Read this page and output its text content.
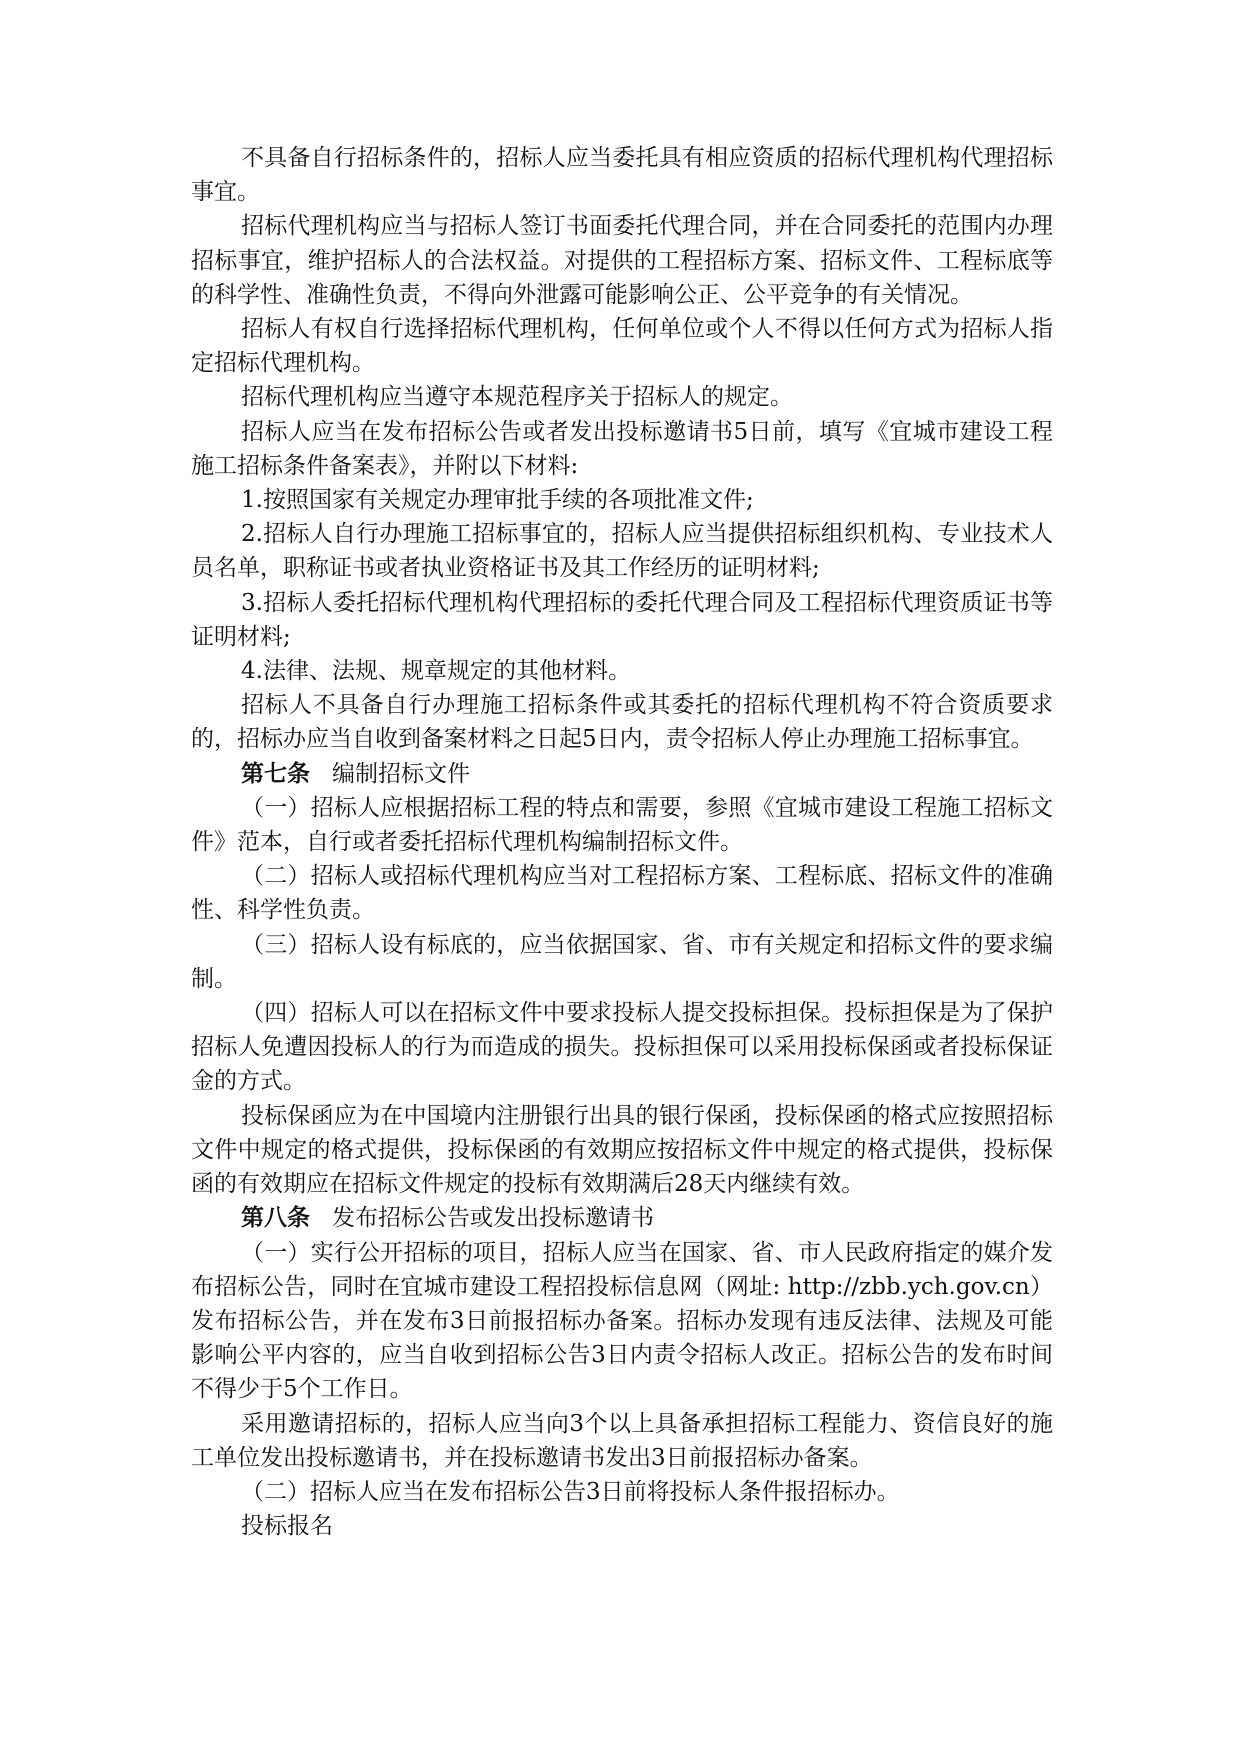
不具备自行招标条件的，招标人应当委托具有相应资质的招标代理机构代理招标事宜。

招标代理机构应当与招标人签订书面委托代理合同，并在合同委托的范围内办理招标事宜，维护招标人的合法权益。对提供的工程招标方案、招标文件、工程标底等的科学性、准确性负责，不得向外泄露可能影响公正、公平竞争的有关情况。

招标人有权自行选择招标代理机构，任何单位或个人不得以任何方式为招标人指定招标代理机构。

招标代理机构应当遵守本规范程序关于招标人的规定。

招标人应当在发布招标公告或者发出投标邀请书5日前，填写《宜城市建设工程施工招标条件备案表》，并附以下材料:

1.按照国家有关规定办理审批手续的各项批准文件;

2.招标人自行办理施工招标事宜的，招标人应当提供招标组织机构、专业技术人员名单，职称证书或者执业资格证书及其工作经历的证明材料;

3.招标人委托招标代理机构代理招标的委托代理合同及工程招标代理资质证书等证明材料;

4.法律、法规、规章规定的其他材料。

招标人不具备自行办理施工招标条件或其委托的招标代理机构不符合资质要求的，招标办应当自收到备案材料之日起5日内，责令招标人停止办理施工招标事宜。

第七条 编制招标文件

（一）招标人应根据招标工程的特点和需要，参照《宜城市建设工程施工招标文件》范本，自行或者委托招标代理机构编制招标文件。

（二）招标人或招标代理机构应当对工程招标方案、工程标底、招标文件的准确性、科学性负责。

（三）招标人设有标底的，应当依据国家、省、市有关规定和招标文件的要求编制。

（四）招标人可以在招标文件中要求投标人提交投标担保。投标担保是为了保护招标人免遭因投标人的行为而造成的损失。投标担保可以采用投标保函或者投标保证金的方式。

投标保函应为在中国境内注册银行出具的银行保函，投标保函的格式应按照招标文件中规定的格式提供，投标保函的有效期应按招标文件中规定的格式提供，投标保函的有效期应在招标文件规定的投标有效期满后28天内继续有效。

第八条 发布招标公告或发出投标邀请书

（一）实行公开招标的项目，招标人应当在国家、省、市人民政府指定的媒介发布招标公告，同时在宜城市建设工程招投标信息网（网址: http://zbb.ych.gov.cn）发布招标公告，并在发布3日前报招标办备案。招标办发现有违反法律、法规及可能影响公平内容的，应当自收到招标公告3日内责令招标人改正。招标公告的发布时间不得少于5个工作日。

采用邀请招标的，招标人应当向3个以上具备承担招标工程能力、资信良好的施工单位发出投标邀请书，并在投标邀请书发出3日前报招标办备案。

（二）招标人应当在发布招标公告3日前将投标人条件报招标办。

投标报名
